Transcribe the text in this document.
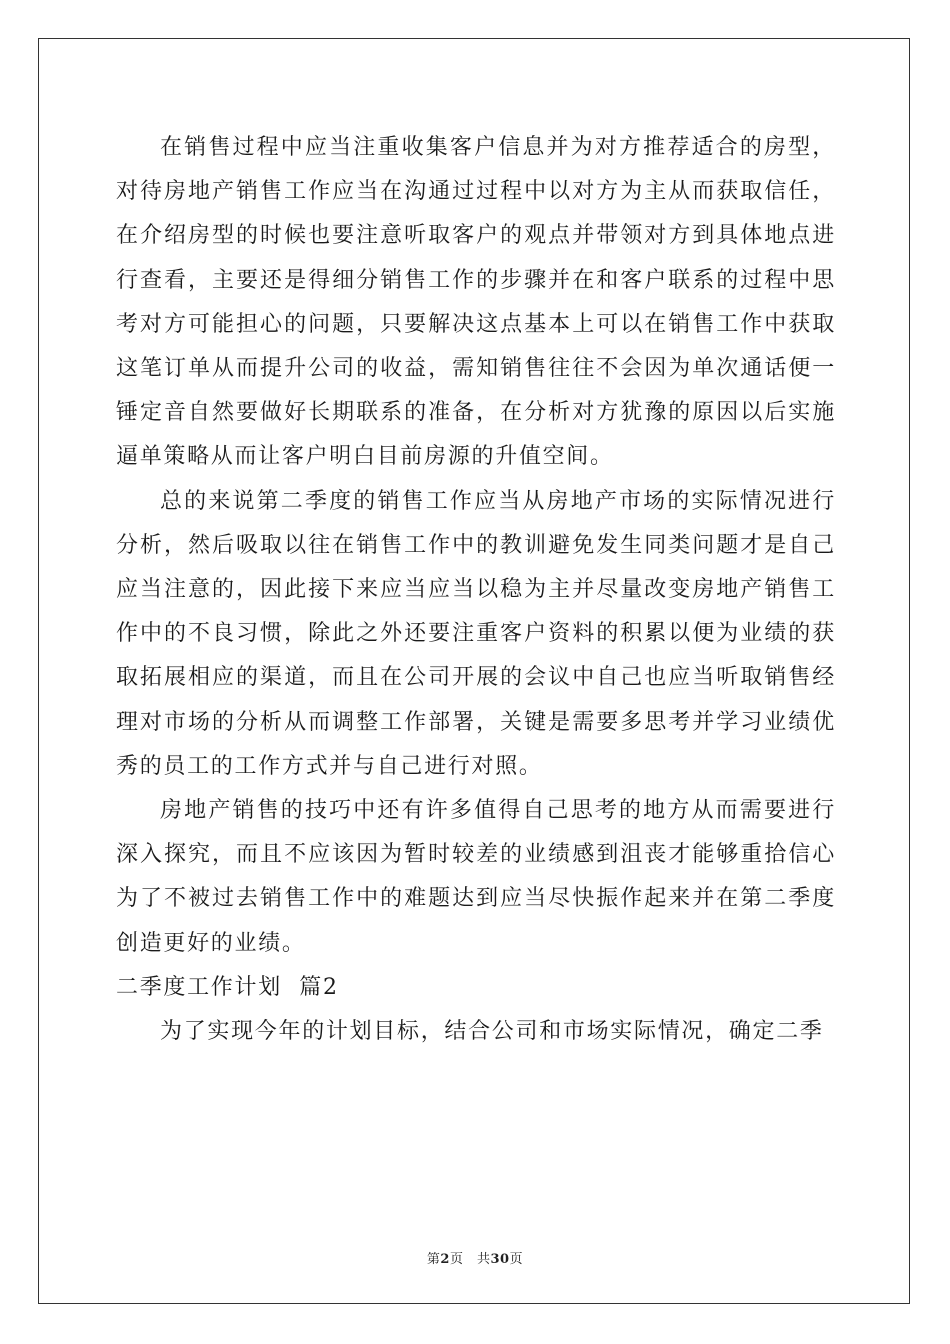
在销售过程中应当注重收集客户信息并为对方推荐适合的房型，对待房地产销售工作应当在沟通过过程中以对方为主从而获取信任，在介绍房型的时候也要注意听取客户的观点并带领对方到具体地点进行查看，主要还是得细分销售工作的步骤并在和客户联系的过程中思考对方可能担心的问题，只要解决这点基本上可以在销售工作中获取这笔订单从而提升公司的收益，需知销售往往不会因为单次通话便一锤定音自然要做好长期联系的准备，在分析对方犹豫的原因以后实施逼单策略从而让客户明白目前房源的升值空间。

总的来说第二季度的销售工作应当从房地产市场的实际情况进行分析，然后吸取以往在销售工作中的教训避免发生同类问题才是自己应当注意的，因此接下来应当应当以稳为主并尽量改变房地产销售工作中的不良习惯，除此之外还要注重客户资料的积累以便为业绩的获取拓展相应的渠道，而且在公司开展的会议中自己也应当听取销售经理对市场的分析从而调整工作部署，关键是需要多思考并学习业绩优秀的员工的工作方式并与自己进行对照。

房地产销售的技巧中还有许多值得自己思考的地方从而需要进行深入探究，而且不应该因为暂时较差的业绩感到沮丧才能够重拾信心为了不被过去销售工作中的难题达到应当尽快振作起来并在第二季度创造更好的业绩。

二季度工作计划  篇2

为了实现今年的计划目标，结合公司和市场实际情况，确定二季

第2页　共30页
